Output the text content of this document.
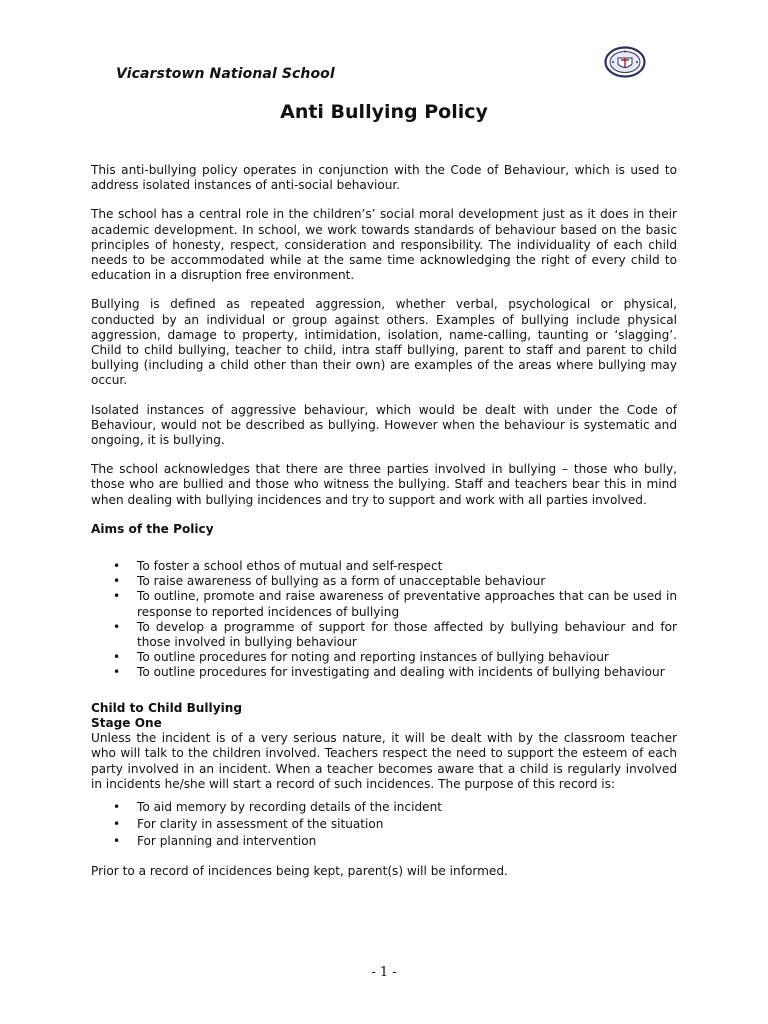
Vicarstown National School
Anti Bullying Policy

This anti-bullying policy operates in conjunction with the Code of Behaviour, which is used to address isolated instances of anti-social behaviour.

The school has a central role in the children’s’ social moral development just as it does in their academic development. In school, we work towards standards of behaviour based on the basic principles of honesty, respect, consideration and responsibility. The individuality of each child needs to be accommodated while at the same time acknowledging the right of every child to education in a disruption free environment.

Bullying is defined as repeated aggression, whether verbal, psychological or physical, conducted by an individual or group against others. Examples of bullying include physical aggression, damage to property, intimidation, isolation, name-calling, taunting or ‘slagging’. Child to child bullying, teacher to child, intra staff bullying, parent to staff and parent to child bullying (including a child other than their own) are examples of the areas where bullying may occur.

Isolated instances of aggressive behaviour, which would be dealt with under the Code of Behaviour, would not be described as bullying. However when the behaviour is systematic and ongoing, it is bullying.

The school acknowledges that there are three parties involved in bullying – those who bully, those who are bullied and those who witness the bullying. Staff and teachers bear this in mind when dealing with bullying incidences and try to support and work with all parties involved.

Aims of the Policy
• To foster a school ethos of mutual and self-respect
• To raise awareness of bullying as a form of unacceptable behaviour
• To outline, promote and raise awareness of preventative approaches that can be used in response to reported incidences of bullying
• To develop a programme of support for those affected by bullying behaviour and for those involved in bullying behaviour
• To outline procedures for noting and reporting instances of bullying behaviour
• To outline procedures for investigating and dealing with incidents of bullying behaviour
Child to Child Bullying
Stage One

Unless the incident is of a very serious nature, it will be dealt with by the classroom teacher who will talk to the children involved. Teachers respect the need to support the esteem of each party involved in an incident. When a teacher becomes aware that a child is regularly involved in incidents he/she will start a record of such incidences. The purpose of this record is:

• To aid memory by recording details of the incident
• For clarity in assessment of the situation
• For planning and intervention

Prior to a record of incidences being kept, parent(s) will be informed.

- 1 -
